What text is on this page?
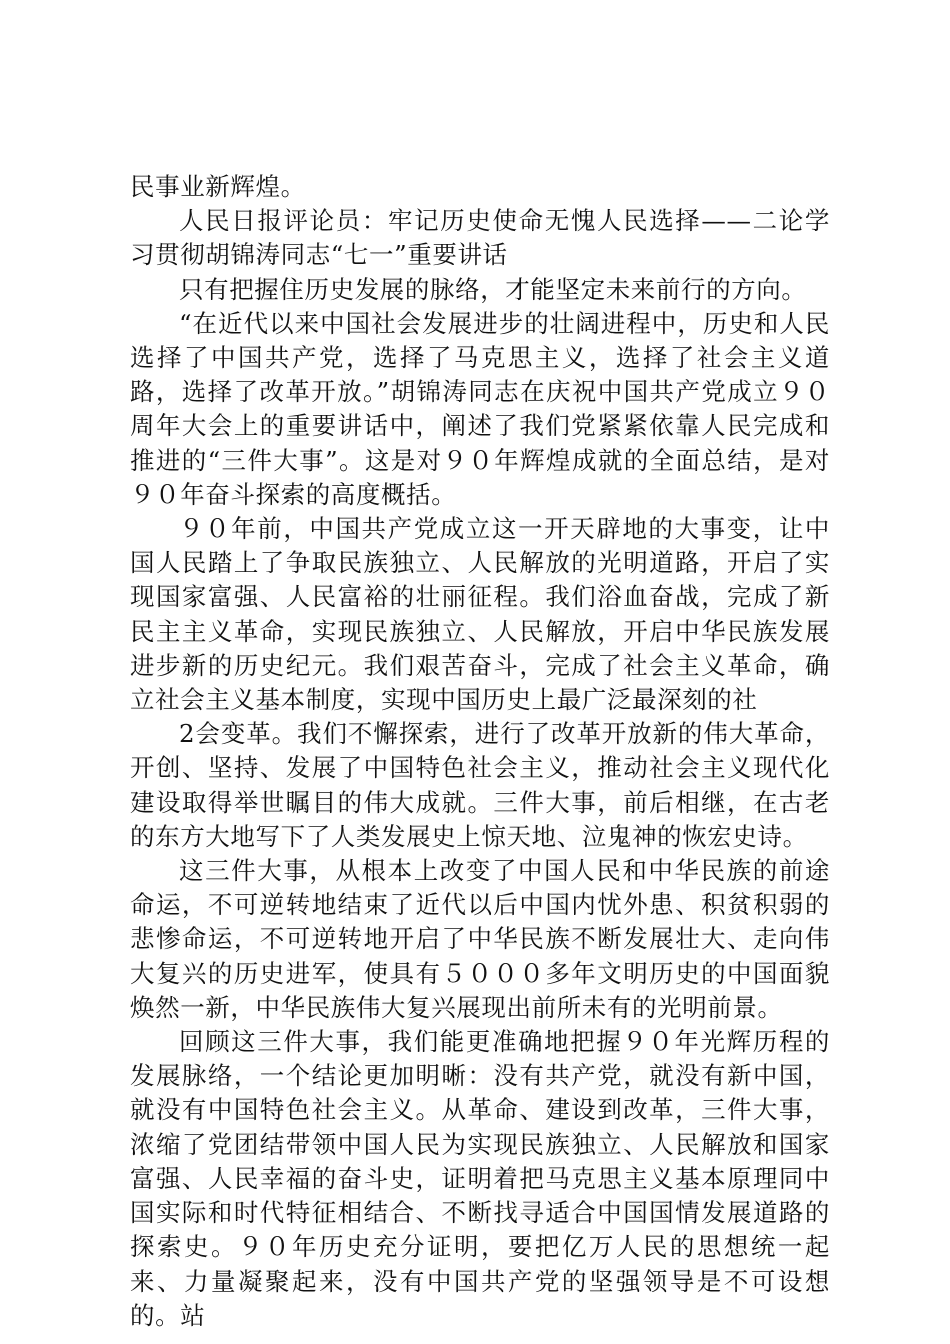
民事业新辉煌。

人民日报评论员：牢记历史使命无愧人民选择——二论学习贯彻胡锦涛同志“七一”重要讲话

只有把握住历史发展的脉络，才能坚定未来前行的方向。

“在近代以来中国社会发展进步的壮阔进程中，历史和人民选择了中国共产党，选择了马克思主义，选择了社会主义道路，选择了改革开放。”胡锦涛同志在庆祝中国共产党成立９０周年大会上的重要讲话中，阐述了我们党紧紧依靠人民完成和推进的“三件大事”。这是对９０年辉煌成就的全面总结，是对９０年奋斗探索的高度概括。

９０年前，中国共产党成立这一开天辟地的大事变，让中国人民踏上了争取民族独立、人民解放的光明道路，开启了实现国家富强、人民富裕的壮丽征程。我们浴血奋战，完成了新民主主义革命，实现民族独立、人民解放，开启中华民族发展进步新的历史纪元。我们艰苦奋斗，完成了社会主义革命，确立社会主义基本制度，实现中国历史上最广泛最深刻的社

2会变革。我们不懈探索，进行了改革开放新的伟大革命，开创、坚持、发展了中国特色社会主义，推动社会主义现代化建设取得举世瞩目的伟大成就。三件大事，前后相继，在古老的东方大地写下了人类发展史上惊天地、泣鬼神的恢宏史诗。

这三件大事，从根本上改变了中国人民和中华民族的前途命运，不可逆转地结束了近代以后中国内忧外患、积贫积弱的悲惨命运，不可逆转地开启了中华民族不断发展壮大、走向伟大复兴的历史进军，使具有５０００多年文明历史的中国面貌焕然一新，中华民族伟大复兴展现出前所未有的光明前景。

回顾这三件大事，我们能更准确地把握９０年光辉历程的发展脉络，一个结论更加明晰：没有共产党，就没有新中国，就没有中国特色社会主义。从革命、建设到改革，三件大事，浓缩了党团结带领中国人民为实现民族独立、人民解放和国家富强、人民幸福的奋斗史，证明着把马克思主义基本原理同中国实际和时代特征相结合、不断找寻适合中国国情发展道路的探索史。９０年历史充分证明，要把亿万人民的思想统一起来、力量凝聚起来，没有中国共产党的坚强领导是不可设想的。站
